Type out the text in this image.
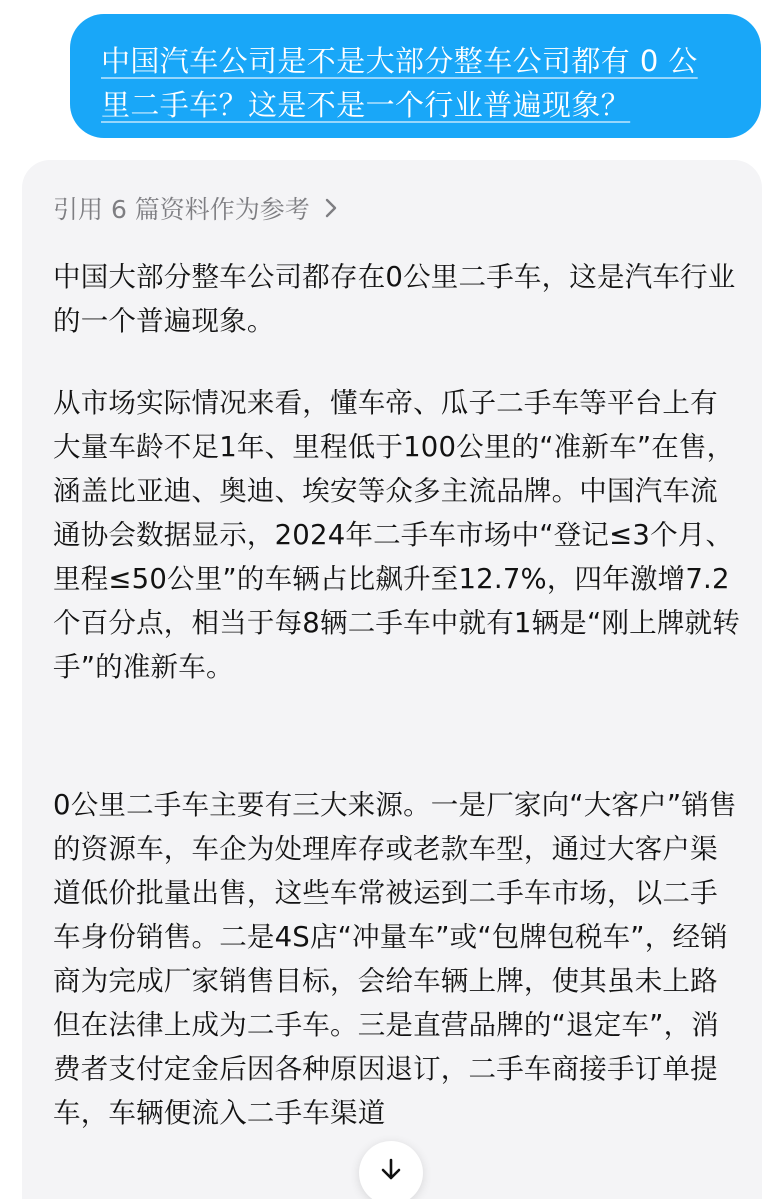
中国汽车公司是不是大部分整车公司都有 0 公
里二手车？这是不是一个行业普遍现象？
引用 6 篇资料作为参考
中国大部分整车公司都存在0公里二手车，这是汽车行业的一个普遍现象。
从市场实际情况来看，懂车帝、瓜子二手车等平台上有大量车龄不足1年、里程低于100公里的“准新车”在售，涵盖比亚迪、奥迪、埃安等众多主流品牌。中国汽车流通协会数据显示，2024年二手车市场中“登记≤3个月、里程≤50公里”的车辆占比飙升至12.7%，四年激增7.2个百分点，相当于每8辆二手车中就有1辆是“刚上牌就转手”的准新车。
0公里二手车主要有三大来源。一是厂家向“大客户”销售的资源车，车企为处理库存或老款车型，通过大客户渠道低价批量出售，这些车常被运到二手车市场，以二手车身份销售。二是4S店“冲量车”或“包牌包税车”，经销商为完成厂家销售目标，会给车辆上牌，使其虽未上路但在法律上成为二手车。三是直营品牌的“退定车”，消费者支付定金后因各种原因退订，二手车商接手订单提车，车辆便流入二手车渠道
